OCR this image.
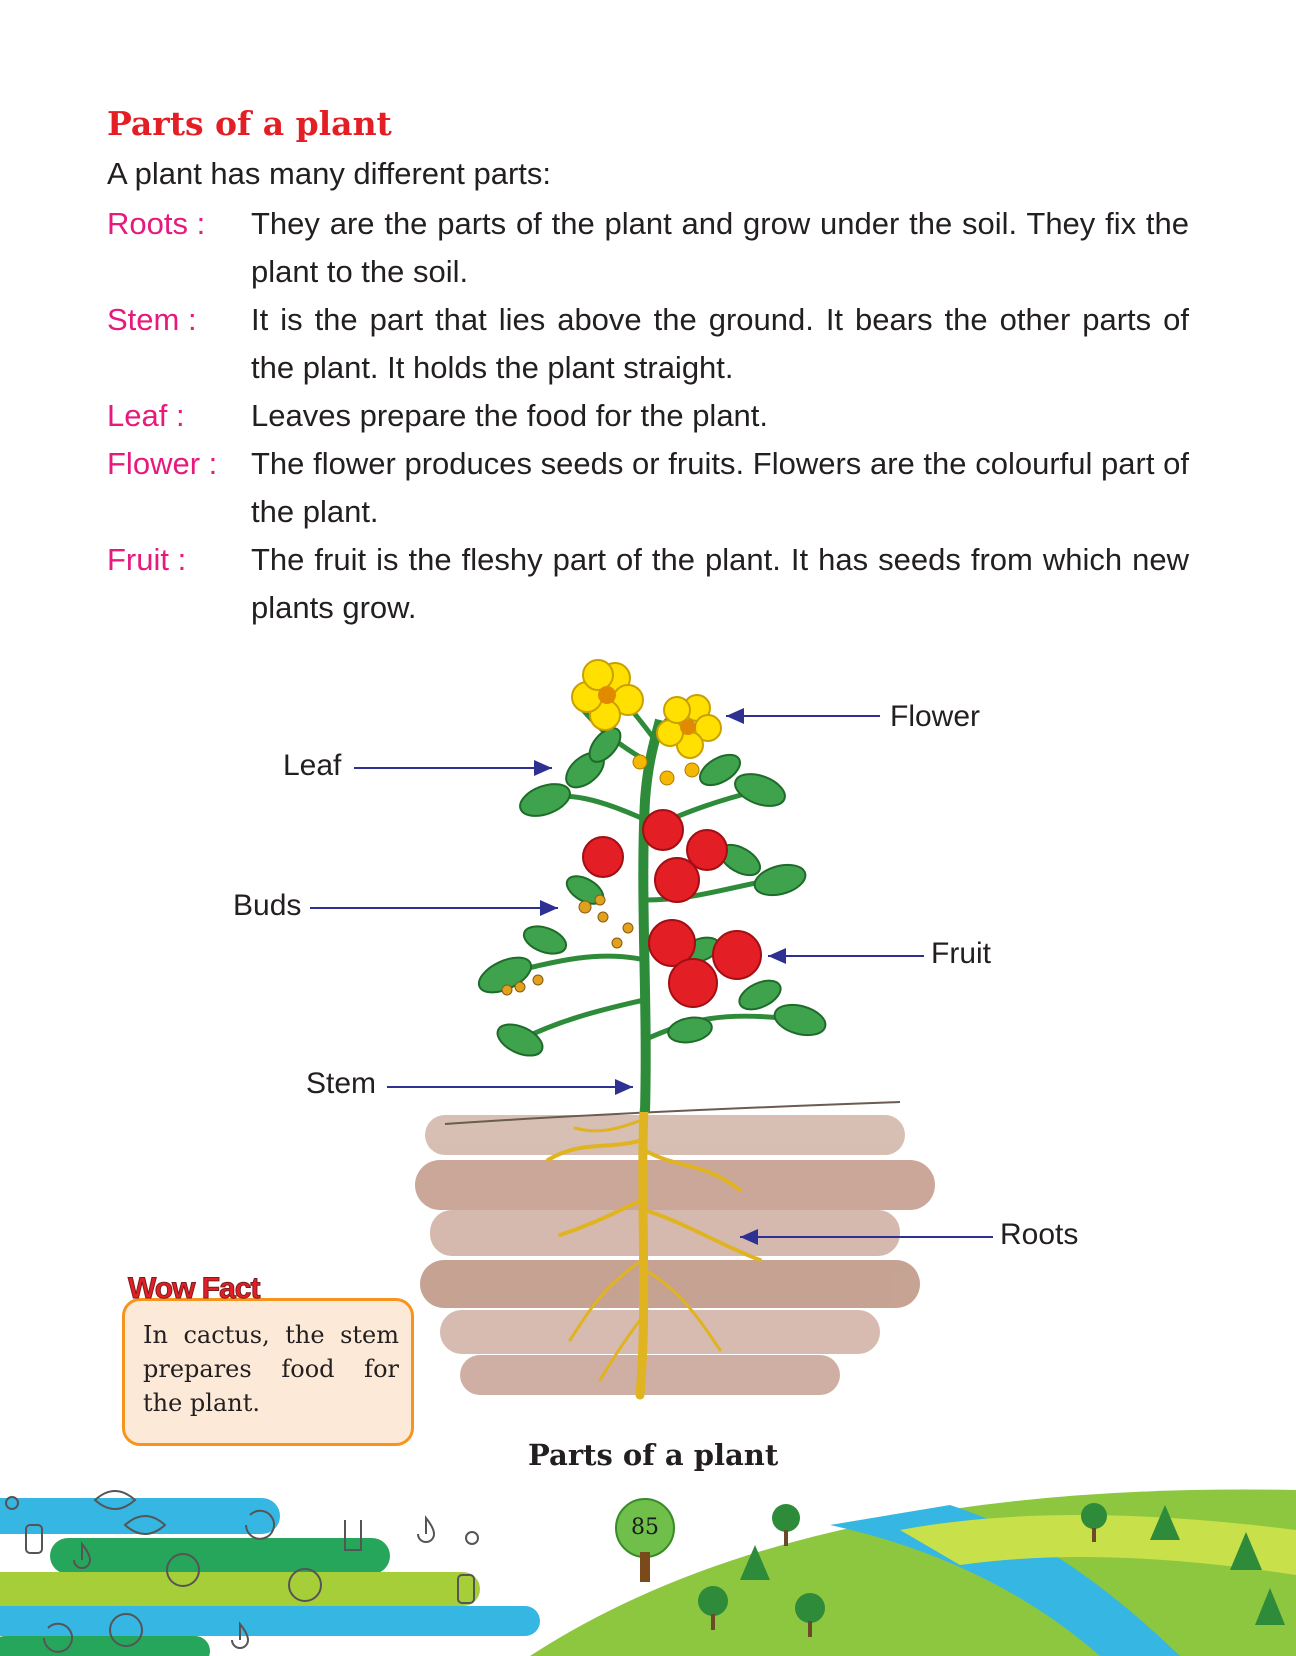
Parts of a plant
A plant has many different parts:
Roots :	They are the parts of the plant and grow under the soil. They fix the plant to the soil.
Stem :	It is the part that lies above the ground. It bears the other parts of the plant. It holds the plant straight.
Leaf :	Leaves prepare the food for the plant.
Flower :	The flower produces seeds or fruits. Flowers are the colourful part of the plant.
Fruit :	The fruit is the fleshy part of the plant. It has seeds from which new plants grow.
Flower
Leaf
Buds
Fruit
Stem
Roots
Parts of a plant
Wow Fact
In cactus, the stem prepares food for the plant.
85
